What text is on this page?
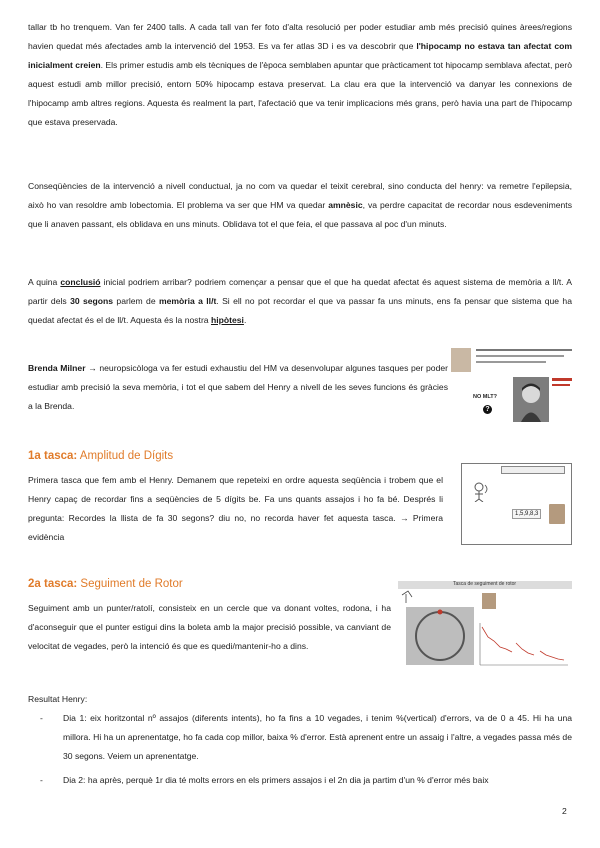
tallar tb ho trenquem. Van fer 2400 talls. A cada tall van fer foto d'alta resolució per poder estudiar amb més precisió quines àrees/regions havien quedat més afectades amb la intervenció del 1953. Es va fer atlas 3D i es va descobrir que l'hipocamp no estava tan afectat com inicialment creien. Els primer estudis amb els tècniques de l'època semblaben apuntar que pràcticament tot hipocamp semblava afectat, però aquest estudi amb millor precisió, entorn 50% hipocamp estava preservat. La clau era que la intervenció va danyar les connexions de l'hipocamp amb altres regions. Aquesta és realment la part, l'afectació que va tenir implicacions més grans, però havia una part de l'hipocamp que estava preservada.

Conseqüències de la intervenció a nivell conductual, ja no com va quedar el teixit cerebral, sino conducta del henry: va remetre l'epilepsia, això ho van resoldre amb lobectomia. El problema va ser que HM va quedar amnèsic, va perdre capacitat de recordar nous esdeveniments que li anaven passant, els oblidava en uns minuts. Oblidava tot el que feia, el que passava al poc d'un minuts.

A quina conclusió inicial podriem arribar? podriem començar a pensar que el que ha quedat afectat és aquest sistema de memòria a ll/t. A partir dels 30 segons parlem de memòria a ll/t. Si ell no pot recordar el que va passar fa uns minuts, ens fa pensar que sistema que ha quedat afectat és el de ll/t. Aquesta és la nostra hipòtesi.

Brenda Milner → neuropsicòloga va fer estudi exhaustiu del HM va desenvolupar algunes tasques per poder estudiar amb precisió la seva memòria, i tot el que sabem del Henry a nivell de les seves funcions és gràcies a la Brenda.

NO MLT?
?
1a tasca: Amplitud de Dígits

Primera tasca que fem amb el Henry. Demanem que repeteixi en ordre aquesta seqüència i trobem que el Henry capaç de recordar fins a seqüències de 5 dígits be. Fa uns quants assajos i ho fa bé. Després li pregunta: Recordes la llista de fa 30 segons? diu no, no recorda haver fet aquesta tasca. → Primera evidència

1,5,9,8,3
2a tasca: Seguiment de Rotor

Seguiment amb un punter/ratolí, consisteix en un cercle que va donant voltes, rodona, i ha d'aconseguir que el punter estigui dins la boleta amb la major precisió possible, va canviant de velocitat de vegades, però la intenció és que es quedi/mantenir-ho a dins.

Tasca de seguiment de rotor

Resultat Henry:

- Dia 1: eix horitzontal nº assajos (diferents intents), ho fa fins a 10 vegades, i tenim %(vertical) d'errors, va de 0 a 45. Hi ha una millora. Hi ha un aprenentatge, ho fa cada cop millor, baixa % d'error. Està aprenent entre un assaig i l'altre, a vegades passa més de 30 segons. Veiem un aprenentatge.
- Dia 2: ha après, perquè 1r dia té molts errors en els primers assajos i el 2n dia ja partim d'un % d'error més baix
2
